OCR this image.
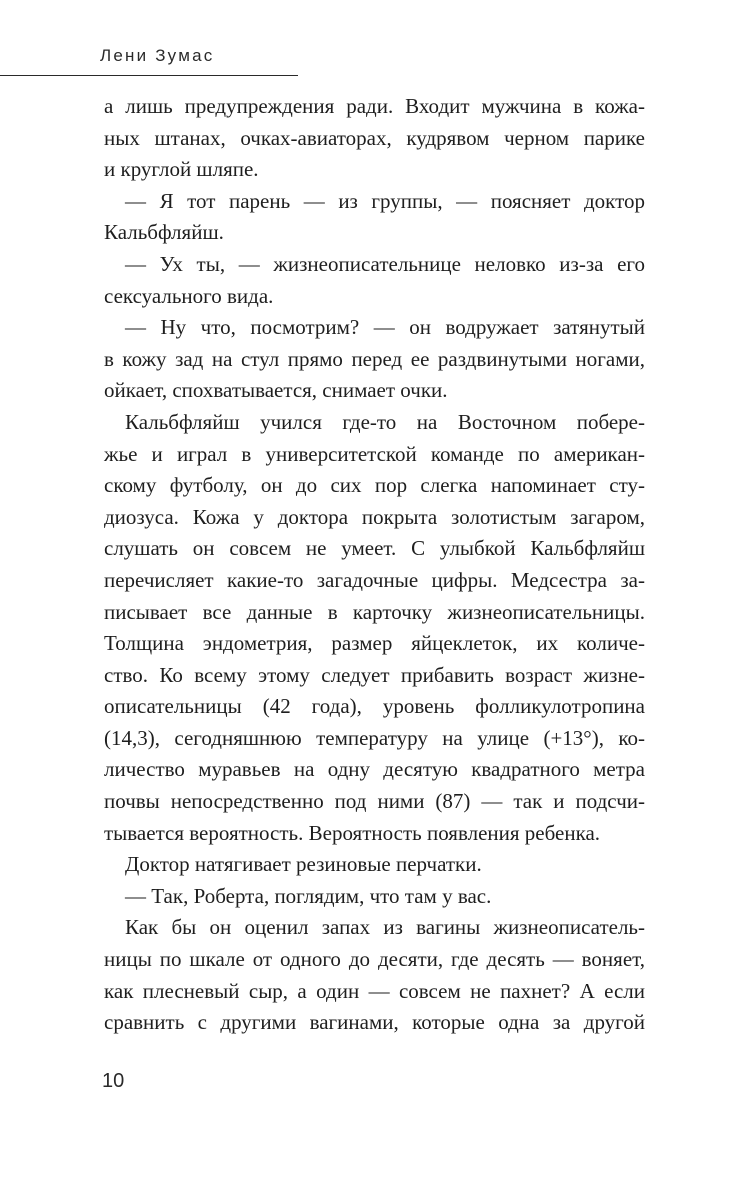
Лени Зумас
а лишь предупреждения ради. Входит мужчина в кожа-
ных штанах, очках-авиаторах, кудрявом черном парике
и круглой шляпе.
— Я тот парень — из группы, — поясняет доктор
Кальбфляйш.
— Ух ты, — жизнеописательнице неловко из-за его
сексуального вида.
— Ну что, посмотрим? — он водружает затянутый
в кожу зад на стул прямо перед ее раздвинутыми ногами,
ойкает, спохватывается, снимает очки.
Кальбфляйш учился где-то на Восточном побере-
жье и играл в университетской команде по американ-
скому футболу, он до сих пор слегка напоминает сту-
диозуса. Кожа у доктора покрыта золотистым загаром,
слушать он совсем не умеет. С улыбкой Кальбфляйш
перечисляет какие-то загадочные цифры. Медсестра за-
писывает все данные в карточку жизнеописательницы.
Толщина эндометрия, размер яйцеклеток, их количе-
ство. Ко всему этому следует прибавить возраст жизне-
описательницы (42 года), уровень фолликулотропина
(14,3), сегодняшнюю температуру на улице (+13°), ко-
личество муравьев на одну десятую квадратного метра
почвы непосредственно под ними (87) — так и подсчи-
тывается вероятность. Вероятность появления ребенка.
Доктор натягивает резиновые перчатки.
— Так, Роберта, поглядим, что там у вас.
Как бы он оценил запах из вагины жизнеописатель-
ницы по шкале от одного до десяти, где десять — воняет,
как плесневый сыр, а один — совсем не пахнет? А если
сравнить с другими вагинами, которые одна за другой
10
